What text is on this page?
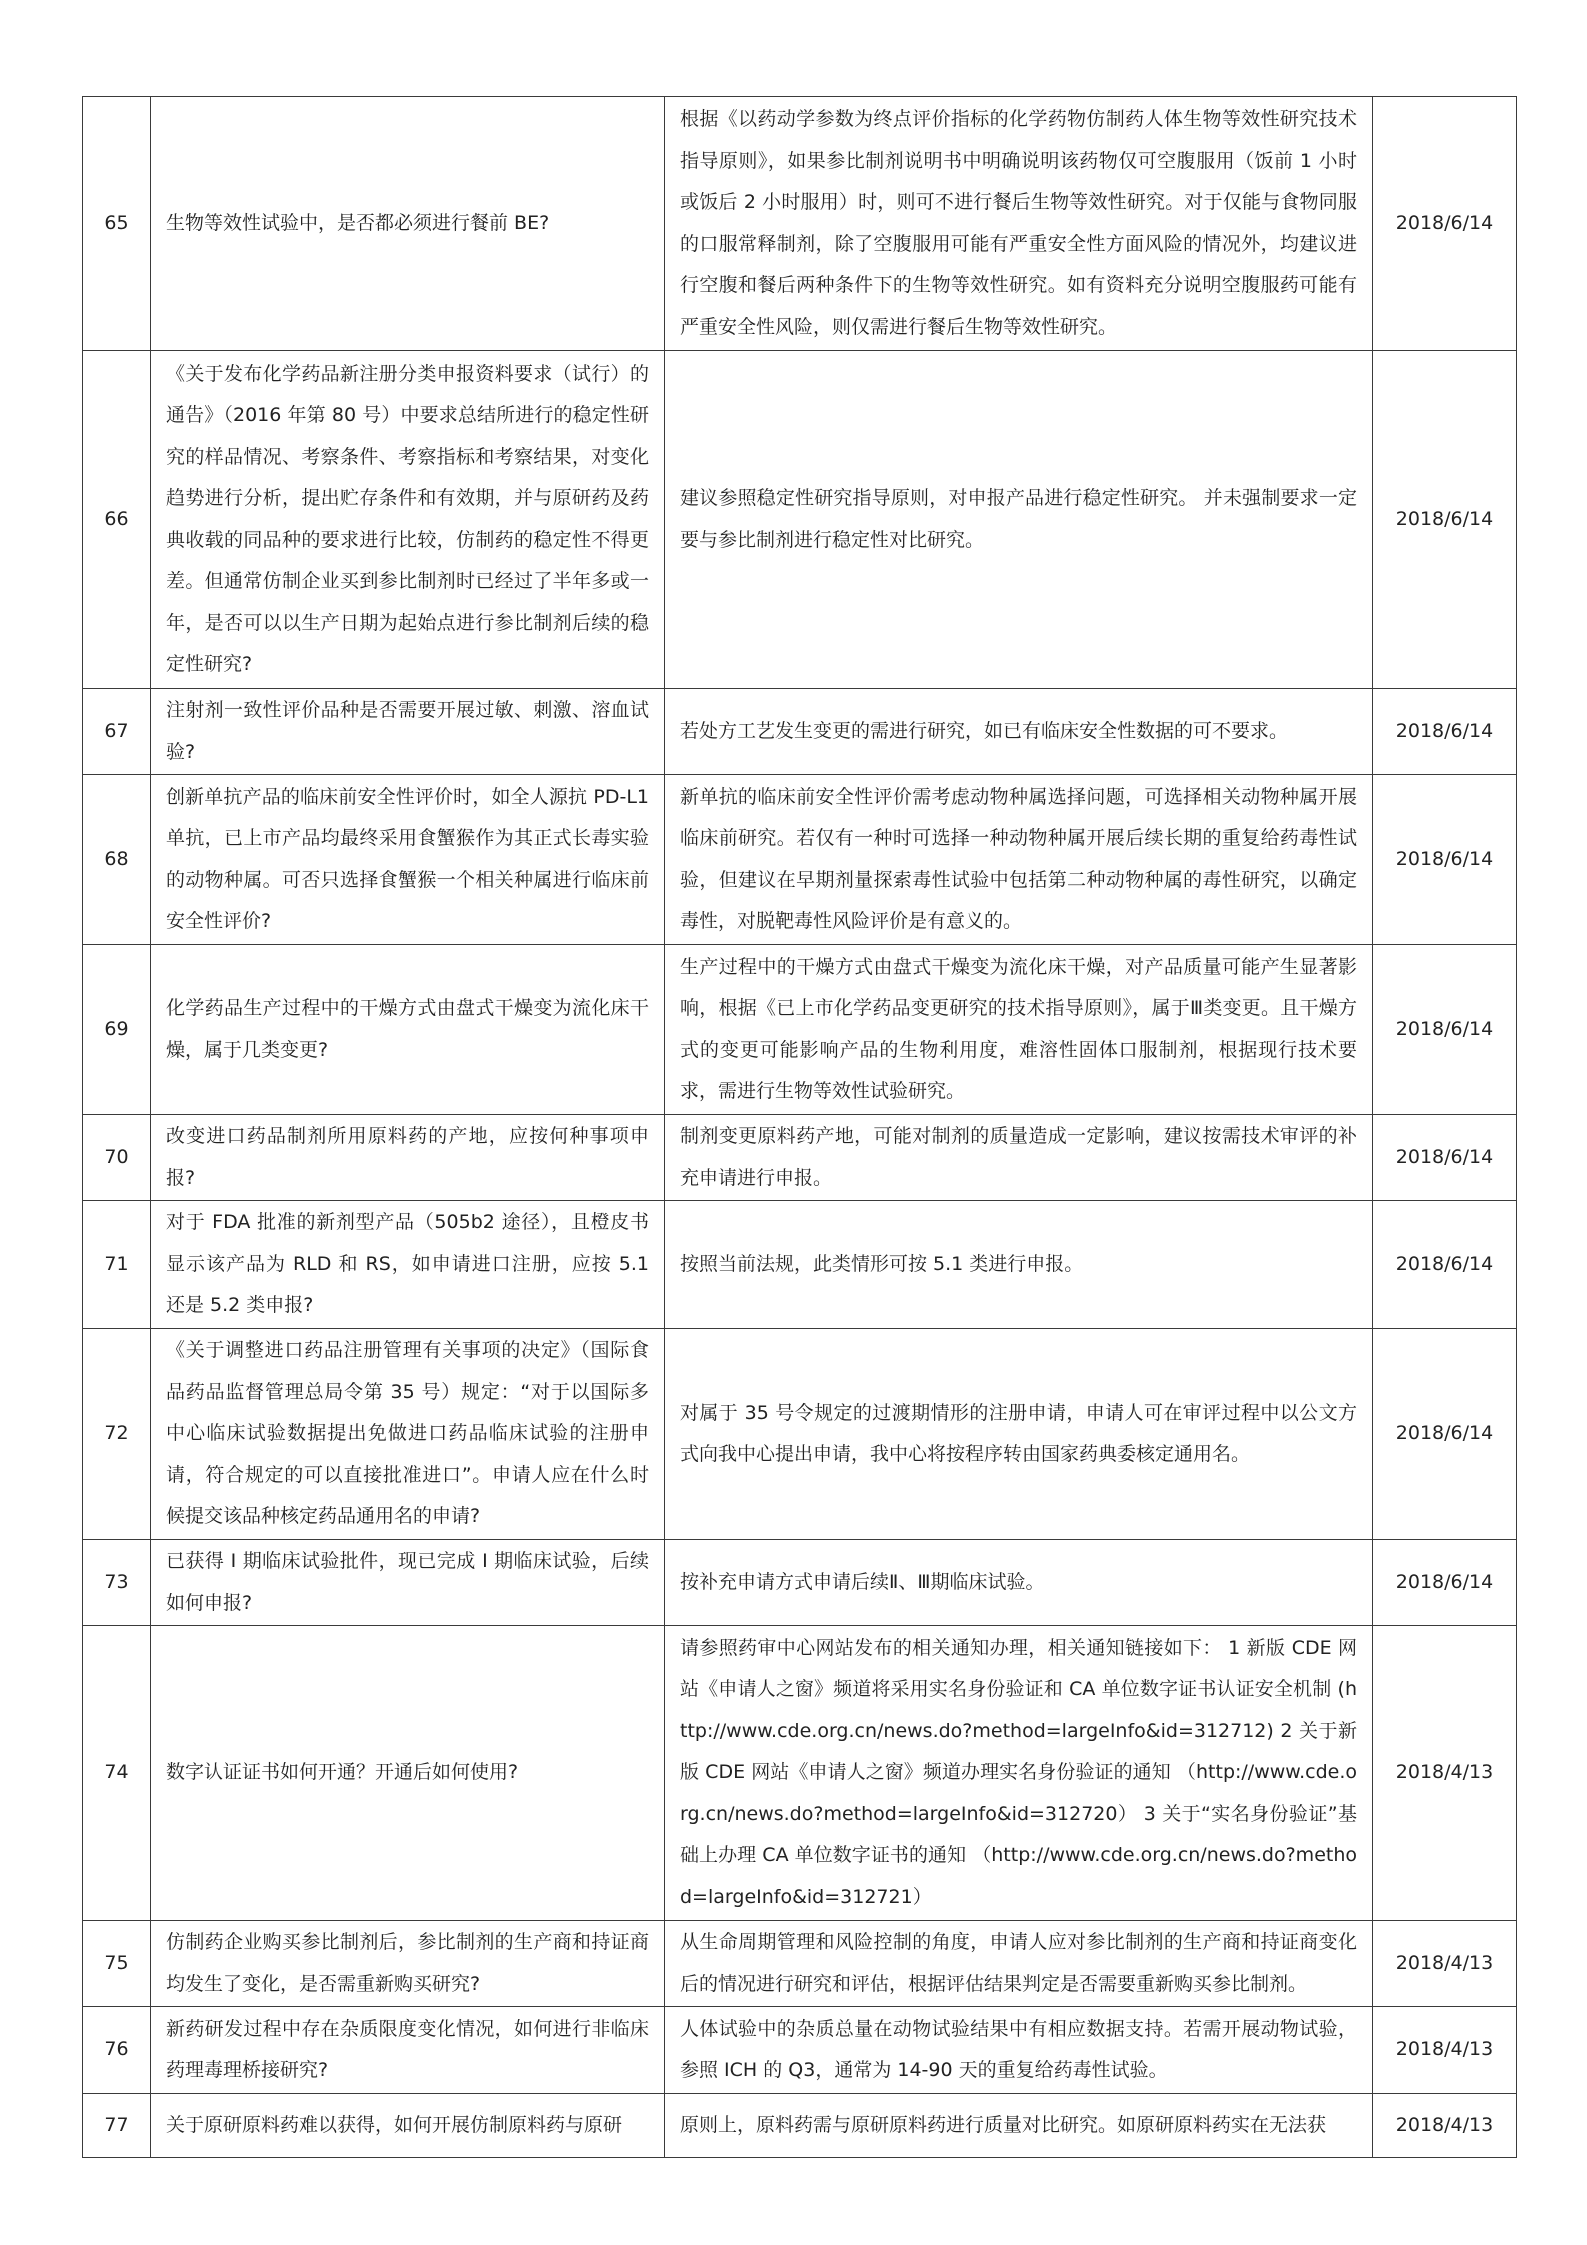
65	生物等效性试验中，是否都必须进行餐前 BE?	根据《以药动学参数为终点评价指标的化学药物仿制药人体生物等效性研究技术指导原则》，如果参比制剂说明书中明确说明该药物仅可空腹服用（饭前 1 小时或饭后 2 小时服用）时，则可不进行餐后生物等效性研究。对于仅能与食物同服的口服常释制剂，除了空腹服用可能有严重安全性方面风险的情况外，均建议进行空腹和餐后两种条件下的生物等效性研究。如有资料充分说明空腹服药可能有严重安全性风险，则仅需进行餐后生物等效性研究。	2018/6/14
66	《关于发布化学药品新注册分类申报资料要求（试行）的通告》（2016 年第 80 号）中要求总结所进行的稳定性研究的样品情况、考察条件、考察指标和考察结果，对变化趋势进行分析，提出贮存条件和有效期，并与原研药及药典收载的同品种的要求进行比较，仿制药的稳定性不得更差。但通常仿制企业买到参比制剂时已经过了半年多或一年，是否可以以生产日期为起始点进行参比制剂后续的稳定性研究?	建议参照稳定性研究指导原则，对申报产品进行稳定性研究。 并未强制要求一定要与参比制剂进行稳定性对比研究。	2018/6/14
67	注射剂一致性评价品种是否需要开展过敏、刺激、溶血试验?	若处方工艺发生变更的需进行研究，如已有临床安全性数据的可不要求。	2018/6/14
68	创新单抗产品的临床前安全性评价时，如全人源抗 PD-L1 单抗，已上市产品均最终采用食蟹猴作为其正式长毒实验的动物种属。可否只选择食蟹猴一个相关种属进行临床前安全性评价?	新单抗的临床前安全性评价需考虑动物种属选择问题，可选择相关动物种属开展临床前研究。若仅有一种时可选择一种动物种属开展后续长期的重复给药毒性试验，但建议在早期剂量探索毒性试验中包括第二种动物种属的毒性研究，以确定毒性，对脱靶毒性风险评价是有意义的。	2018/6/14
69	化学药品生产过程中的干燥方式由盘式干燥变为流化床干燥，属于几类变更?	生产过程中的干燥方式由盘式干燥变为流化床干燥，对产品质量可能产生显著影响，根据《已上市化学药品变更研究的技术指导原则》，属于Ⅲ类变更。且干燥方式的变更可能影响产品的生物利用度，难溶性固体口服制剂，根据现行技术要求，需进行生物等效性试验研究。	2018/6/14
70	改变进口药品制剂所用原料药的产地，应按何种事项申报?	制剂变更原料药产地，可能对制剂的质量造成一定影响，建议按需技术审评的补充申请进行申报。	2018/6/14
71	对于 FDA 批准的新剂型产品（505b2 途径），且橙皮书显示该产品为 RLD 和 RS，如申请进口注册，应按 5.1 还是 5.2 类申报?	按照当前法规，此类情形可按 5.1 类进行申报。	2018/6/14
72	《关于调整进口药品注册管理有关事项的决定》（国际食品药品监督管理总局令第 35 号）规定：“对于以国际多中心临床试验数据提出免做进口药品临床试验的注册申请，符合规定的可以直接批准进口”。申请人应在什么时候提交该品种核定药品通用名的申请?	对属于 35 号令规定的过渡期情形的注册申请，申请人可在审评过程中以公文方式向我中心提出申请，我中心将按程序转由国家药典委核定通用名。	2018/6/14
73	已获得 I 期临床试验批件，现已完成 I 期临床试验，后续如何申报?	按补充申请方式申请后续Ⅱ、Ⅲ期临床试验。	2018/6/14
74	数字认证证书如何开通？开通后如何使用?	请参照药审中心网站发布的相关通知办理，相关通知链接如下： 1 新版 CDE 网站《申请人之窗》频道将采用实名身份验证和 CA 单位数字证书认证安全机制 (http://www.cde.org.cn/news.do?method=largeInfo&id=312712) 2 关于新版 CDE 网站《申请人之窗》频道办理实名身份验证的通知 （http://www.cde.org.cn/news.do?method=largeInfo&id=312720） 3 关于“实名身份验证”基础上办理 CA 单位数字证书的通知 （http://www.cde.org.cn/news.do?method=largeInfo&id=312721）	2018/4/13
75	仿制药企业购买参比制剂后，参比制剂的生产商和持证商均发生了变化，是否需重新购买研究?	从生命周期管理和风险控制的角度，申请人应对参比制剂的生产商和持证商变化后的情况进行研究和评估，根据评估结果判定是否需要重新购买参比制剂。	2018/4/13
76	新药研发过程中存在杂质限度变化情况，如何进行非临床药理毒理桥接研究?	人体试验中的杂质总量在动物试验结果中有相应数据支持。若需开展动物试验，参照 ICH 的 Q3，通常为 14-90 天的重复给药毒性试验。	2018/4/13
77	关于原研原料药难以获得，如何开展仿制原料药与原研	原则上，原料药需与原研原料药进行质量对比研究。如原研原料药实在无法获	2018/4/13
